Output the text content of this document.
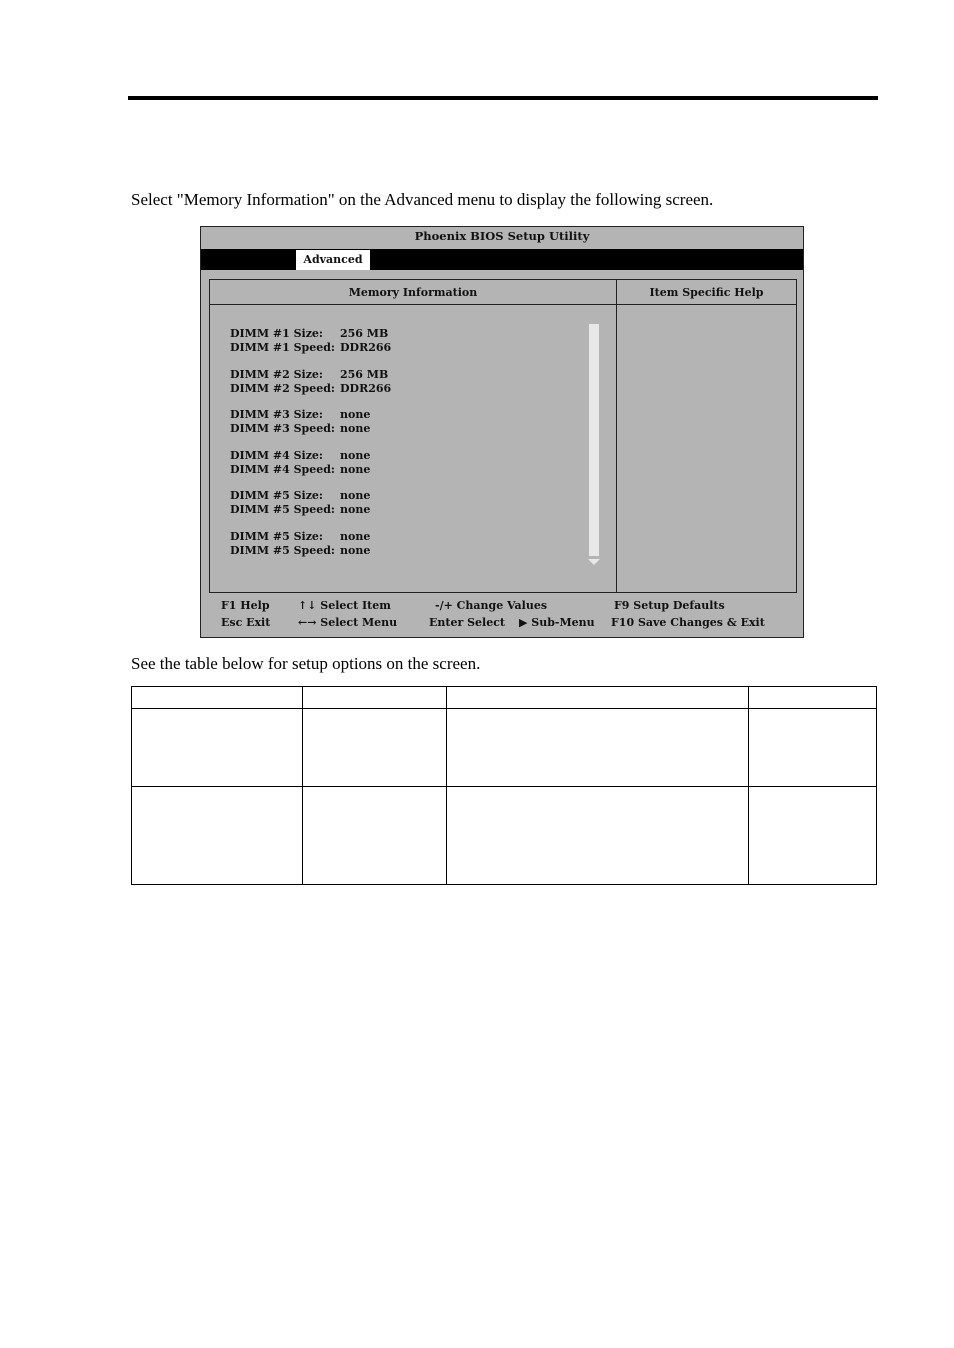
Select "Memory Information" on the Advanced menu to display the following screen.
Phoenix BIOS Setup Utility
Advanced
Memory Information
DIMM #1 Size:	256 MB
DIMM #1 Speed: DDR266
DIMM #2 Size:	256 MB
DIMM #2 Speed: DDR266
DIMM #3 Size:	none
DIMM #3 Speed: none
DIMM #4 Size:	none
DIMM #4 Speed: none
DIMM #5 Size:	none
DIMM #5 Speed: none
DIMM #5 Size:	none
DIMM #5 Speed: none
Item Specific Help
F1 Help	↑↓ Select Item	-/+ Change Values	F9 Setup Defaults
Esc Exit	←→ Select Menu	Enter Select ▶ Sub-Menu F10 Save Changes & Exit
See the table below for setup options on the screen.
